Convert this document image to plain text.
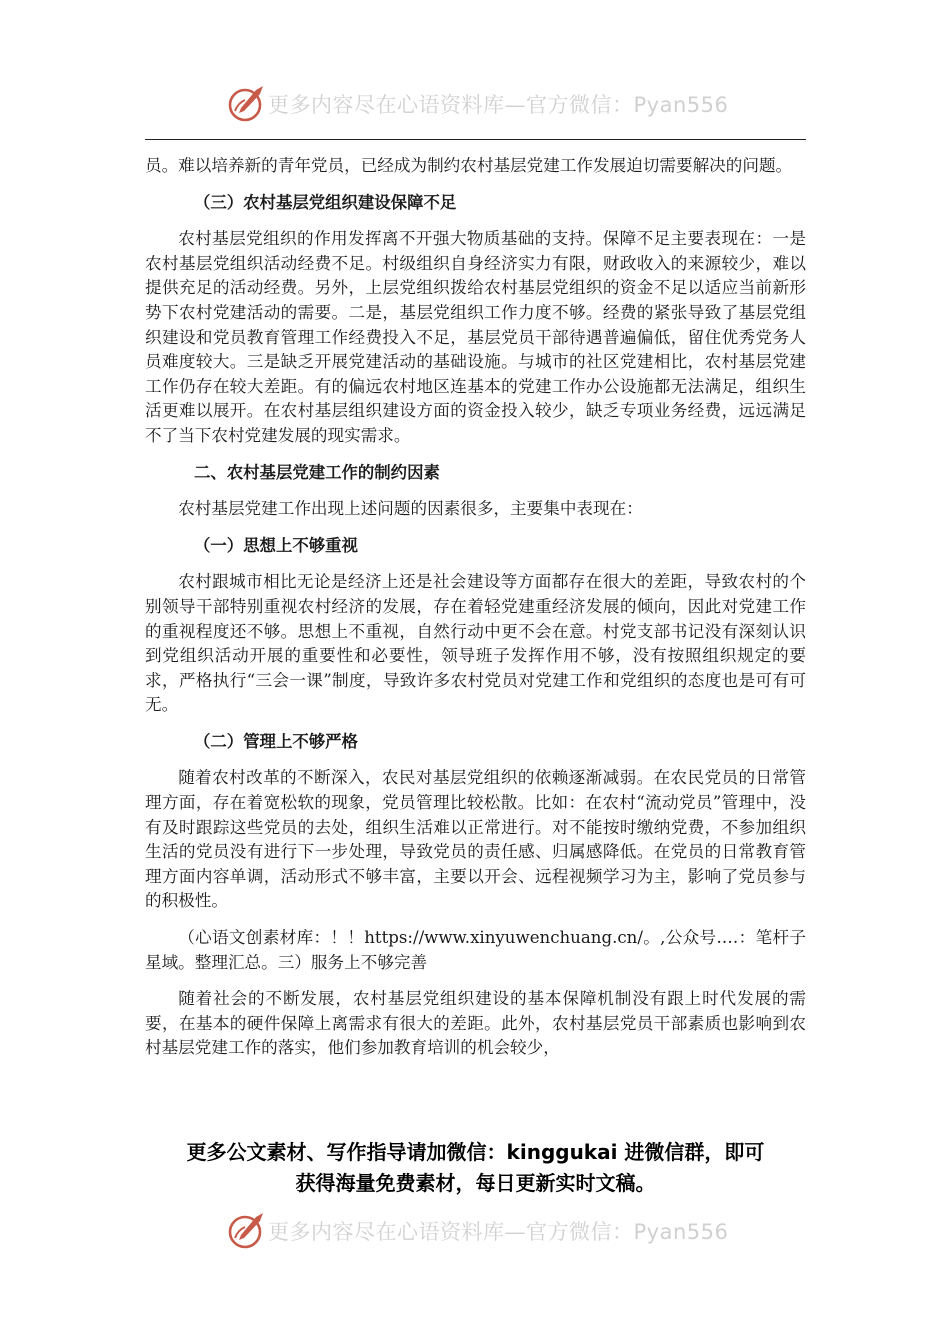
更多内容尽在心语资料库—官方微信：Pyan556

员。难以培养新的青年党员，已经成为制约农村基层党建工作发展迫切需要解决的问题。

（三）农村基层党组织建设保障不足

农村基层党组织的作用发挥离不开强大物质基础的支持。保障不足主要表现在：一是农村基层党组织活动经费不足。村级组织自身经济实力有限，财政收入的来源较少，难以提供充足的活动经费。另外，上层党组织拨给农村基层党组织的资金不足以适应当前新形势下农村党建活动的需要。二是，基层党组织工作力度不够。经费的紧张导致了基层党组织建设和党员教育管理工作经费投入不足，基层党员干部待遇普遍偏低，留住优秀党务人员难度较大。三是缺乏开展党建活动的基础设施。与城市的社区党建相比，农村基层党建工作仍存在较大差距。有的偏远农村地区连基本的党建工作办公设施都无法满足，组织生活更难以展开。在农村基层组织建设方面的资金投入较少，缺乏专项业务经费，远远满足不了当下农村党建发展的现实需求。

二、农村基层党建工作的制约因素

农村基层党建工作出现上述问题的因素很多，主要集中表现在：

（一）思想上不够重视

农村跟城市相比无论是经济上还是社会建设等方面都存在很大的差距，导致农村的个别领导干部特别重视农村经济的发展，存在着轻党建重经济发展的倾向，因此对党建工作的重视程度还不够。思想上不重视，自然行动中更不会在意。村党支部书记没有深刻认识到党组织活动开展的重要性和必要性，领导班子发挥作用不够，没有按照组织规定的要求，严格执行“三会一课”制度，导致许多农村党员对党建工作和党组织的态度也是可有可无。

（二）管理上不够严格

随着农村改革的不断深入，农民对基层党组织的依赖逐渐减弱。在农民党员的日常管理方面，存在着宽松软的现象，党员管理比较松散。比如：在农村“流动党员”管理中，没有及时跟踪这些党员的去处，组织生活难以正常进行。对不能按时缴纳党费，不参加组织生活的党员没有进行下一步处理，导致党员的责任感、归属感降低。在党员的日常教育管理方面内容单调，活动形式不够丰富，主要以开会、远程视频学习为主，影响了党员参与的积极性。

（心语文创素材库：！！https://www.xinyuwenchuang.cn/。,公众号.…：笔杆子星域。整理汇总。三）服务上不够完善

随着社会的不断发展，农村基层党组织建设的基本保障机制没有跟上时代发展的需要，在基本的硬件保障上离需求有很大的差距。此外，农村基层党员干部素质也影响到农村基层党建工作的落实，他们参加教育培训的机会较少，

更多公文素材、写作指导请加微信：kinggukai 进微信群，即可
获得海量免费素材，每日更新实时文稿。
更多内容尽在心语资料库—官方微信：Pyan556
